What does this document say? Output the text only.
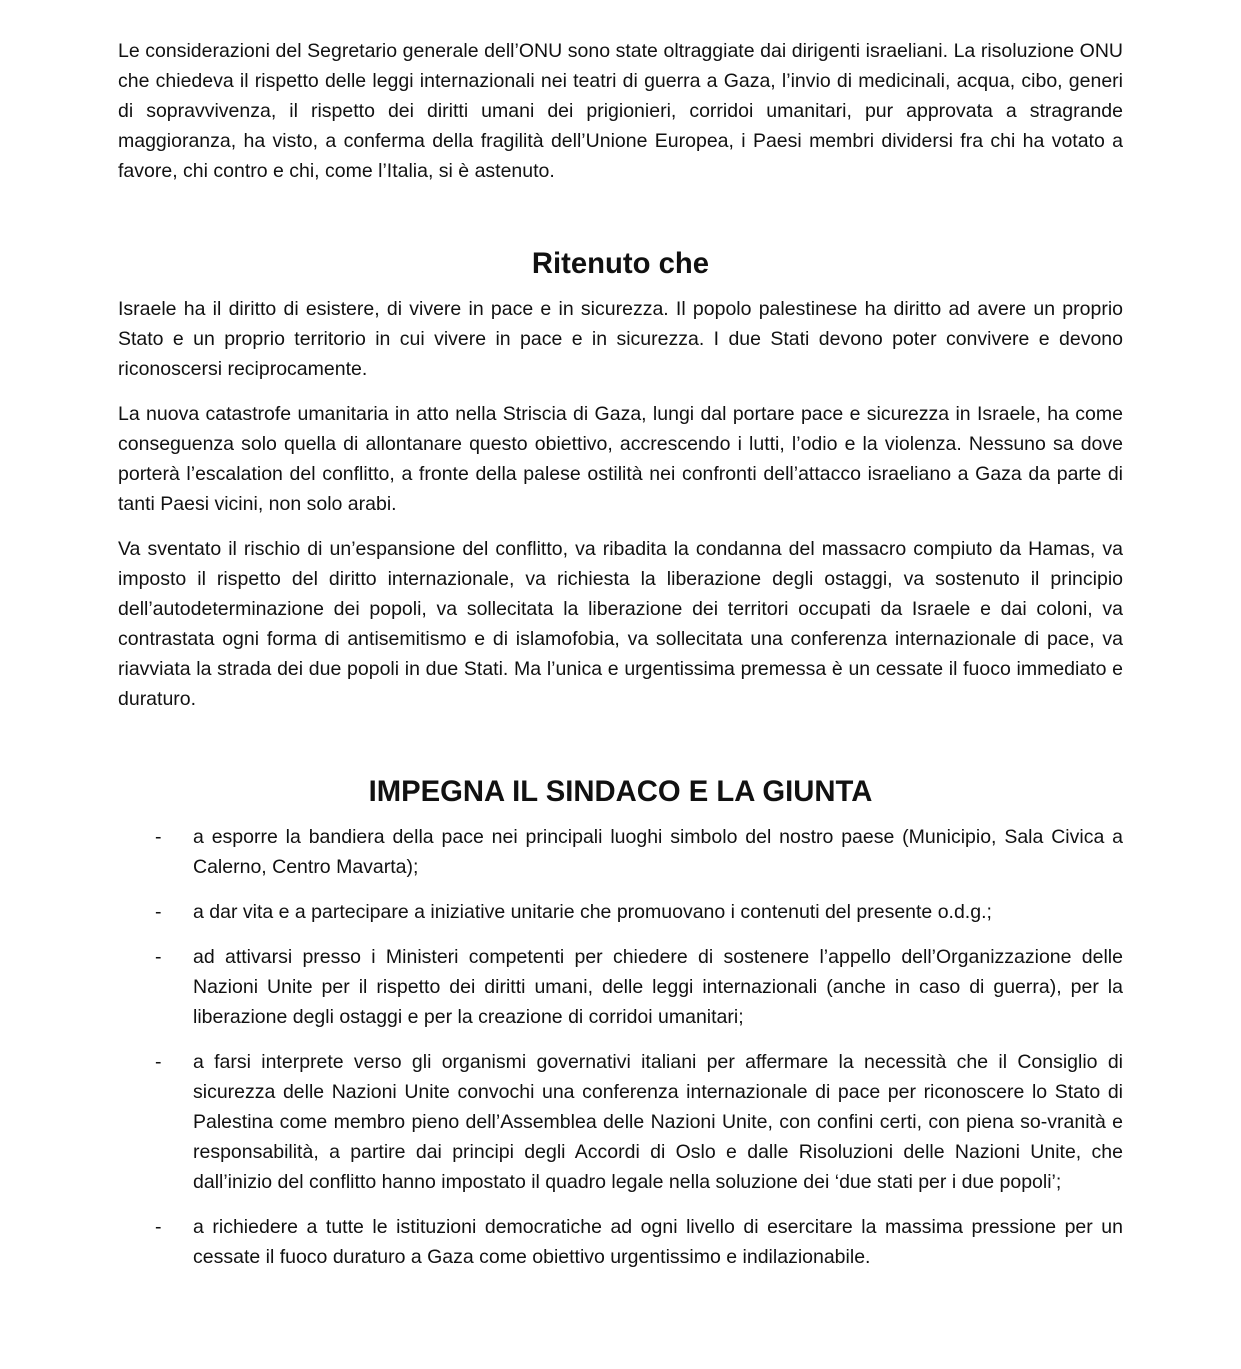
Le considerazioni del Segretario generale dell’ONU sono state oltraggiate dai dirigenti israeliani. La risoluzione ONU che chiedeva il rispetto delle leggi internazionali nei teatri di guerra a Gaza, l’invio di medicinali, acqua, cibo, generi di sopravvivenza, il rispetto dei diritti umani dei prigionieri, corridoi umanitari, pur approvata a stragrande maggioranza, ha visto, a conferma della fragilità dell’Unione Europea, i Paesi membri dividersi fra chi ha votato a favore, chi contro e chi, come l’Italia, si è astenuto.

Ritenuto che

Israele ha il diritto di esistere, di vivere in pace e in sicurezza. Il popolo palestinese ha diritto ad avere un proprio Stato e un proprio territorio in cui vivere in pace e in sicurezza. I due Stati devono poter convivere e devono riconoscersi reciprocamente.

La nuova catastrofe umanitaria in atto nella Striscia di Gaza, lungi dal portare pace e sicurezza in Israele, ha come conseguenza solo quella di allontanare questo obiettivo, accrescendo i lutti, l’odio e la violenza. Nessuno sa dove porterà l’escalation del conflitto, a fronte della palese ostilità nei confronti dell’attacco israeliano a Gaza da parte di tanti Paesi vicini, non solo arabi.

Va sventato il rischio di un’espansione del conflitto, va ribadita la condanna del massacro compiuto da Hamas, va imposto il rispetto del diritto internazionale, va richiesta la liberazione degli ostaggi, va sostenuto il principio dell’autodeterminazione dei popoli, va sollecitata la liberazione dei territori occupati da Israele e dai coloni, va contrastata ogni forma di antisemitismo e di islamofobia, va sollecitata una conferenza internazionale di pace, va riavviata la strada dei due popoli in due Stati. Ma l’unica e urgentissima premessa è un cessate il fuoco immediato e duraturo.

IMPEGNA IL SINDACO E LA GIUNTA
- a esporre la bandiera della pace nei principali luoghi simbolo del nostro paese (Municipio, Sala Civica a Calerno, Centro Mavarta);
- a dar vita e a partecipare a iniziative unitarie che promuovano i contenuti del presente o.d.g.;
- ad attivarsi presso i Ministeri competenti per chiedere di sostenere l’appello dell’Organizzazione delle Nazioni Unite per il rispetto dei diritti umani, delle leggi internazionali (anche in caso di guerra), per la liberazione degli ostaggi e per la creazione di corridoi umanitari;
- a farsi interprete verso gli organismi governativi italiani per affermare la necessità che il Consiglio di sicurezza delle Nazioni Unite convochi una conferenza internazionale di pace per riconoscere lo Stato di Palestina come membro pieno dell’Assemblea delle Nazioni Unite, con confini certi, con piena so-vranità e responsabilità, a partire dai principi degli Accordi di Oslo e dalle Risoluzioni delle Nazioni Unite, che dall’inizio del conflitto hanno impostato il quadro legale nella soluzione dei ‘due stati per i due popoli’;
- a richiedere a tutte le istituzioni democratiche ad ogni livello di esercitare la massima pressione per un cessate il fuoco duraturo a Gaza come obiettivo urgentissimo e indilazionabile.
